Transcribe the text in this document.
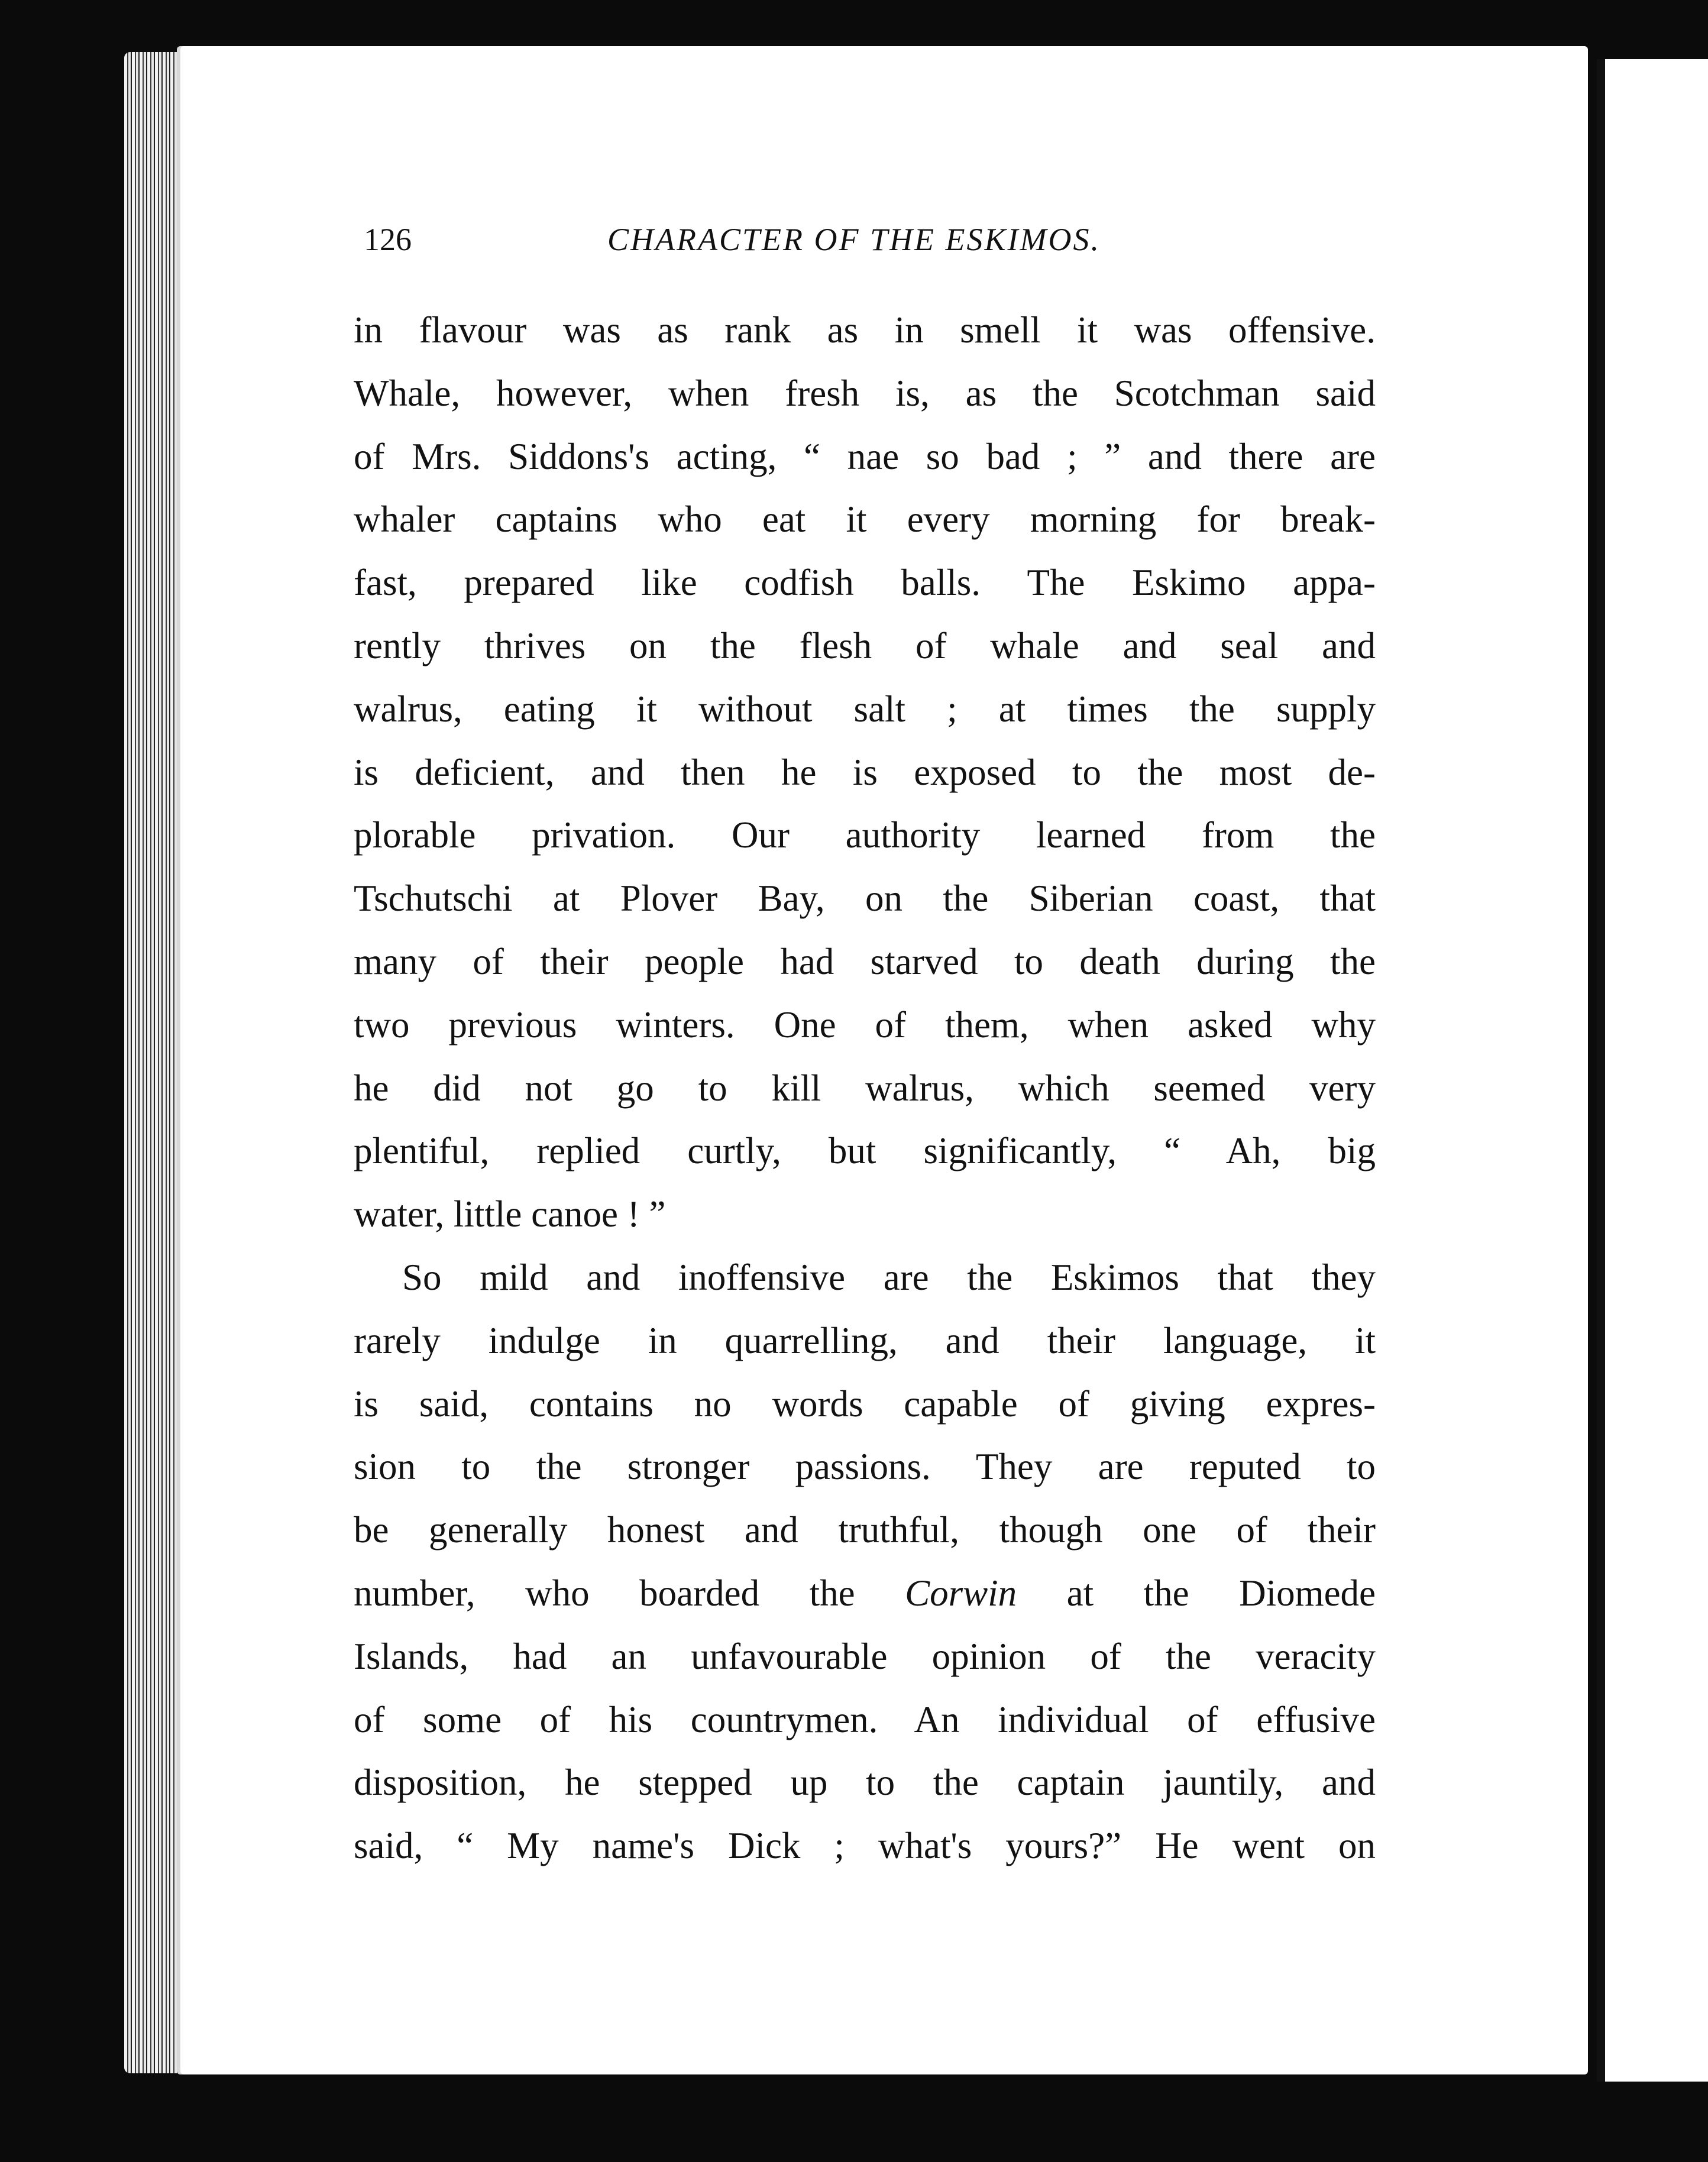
126	CHARACTER OF THE ESKIMOS.
in flavour was as rank as in smell it was offensive.
Whale, however, when fresh is, as the Scotchman said
of Mrs. Siddons's acting, “ nae so bad ; ” and there are
whaler captains who eat it every morning for break-
fast, prepared like codfish balls. The Eskimo appa-
rently thrives on the flesh of whale and seal and
walrus, eating it without salt ; at times the supply
is deficient, and then he is exposed to the most de-
plorable privation. Our authority learned from the
Tschutschi at Plover Bay, on the Siberian coast, that
many of their people had starved to death during the
two previous winters. One of them, when asked why
he did not go to kill walrus, which seemed very
plentiful, replied curtly, but significantly, “ Ah, big
water, little canoe ! ”
So mild and inoffensive are the Eskimos that they
rarely indulge in quarrelling, and their language, it
is said, contains no words capable of giving expres-
sion to the stronger passions. They are reputed to
be generally honest and truthful, though one of their
number, who boarded the Corwin at the Diomede
Islands, had an unfavourable opinion of the veracity
of some of his countrymen. An individual of effusive
disposition, he stepped up to the captain jauntily, and
said, “ My name's Dick ; what's yours?” He went on
